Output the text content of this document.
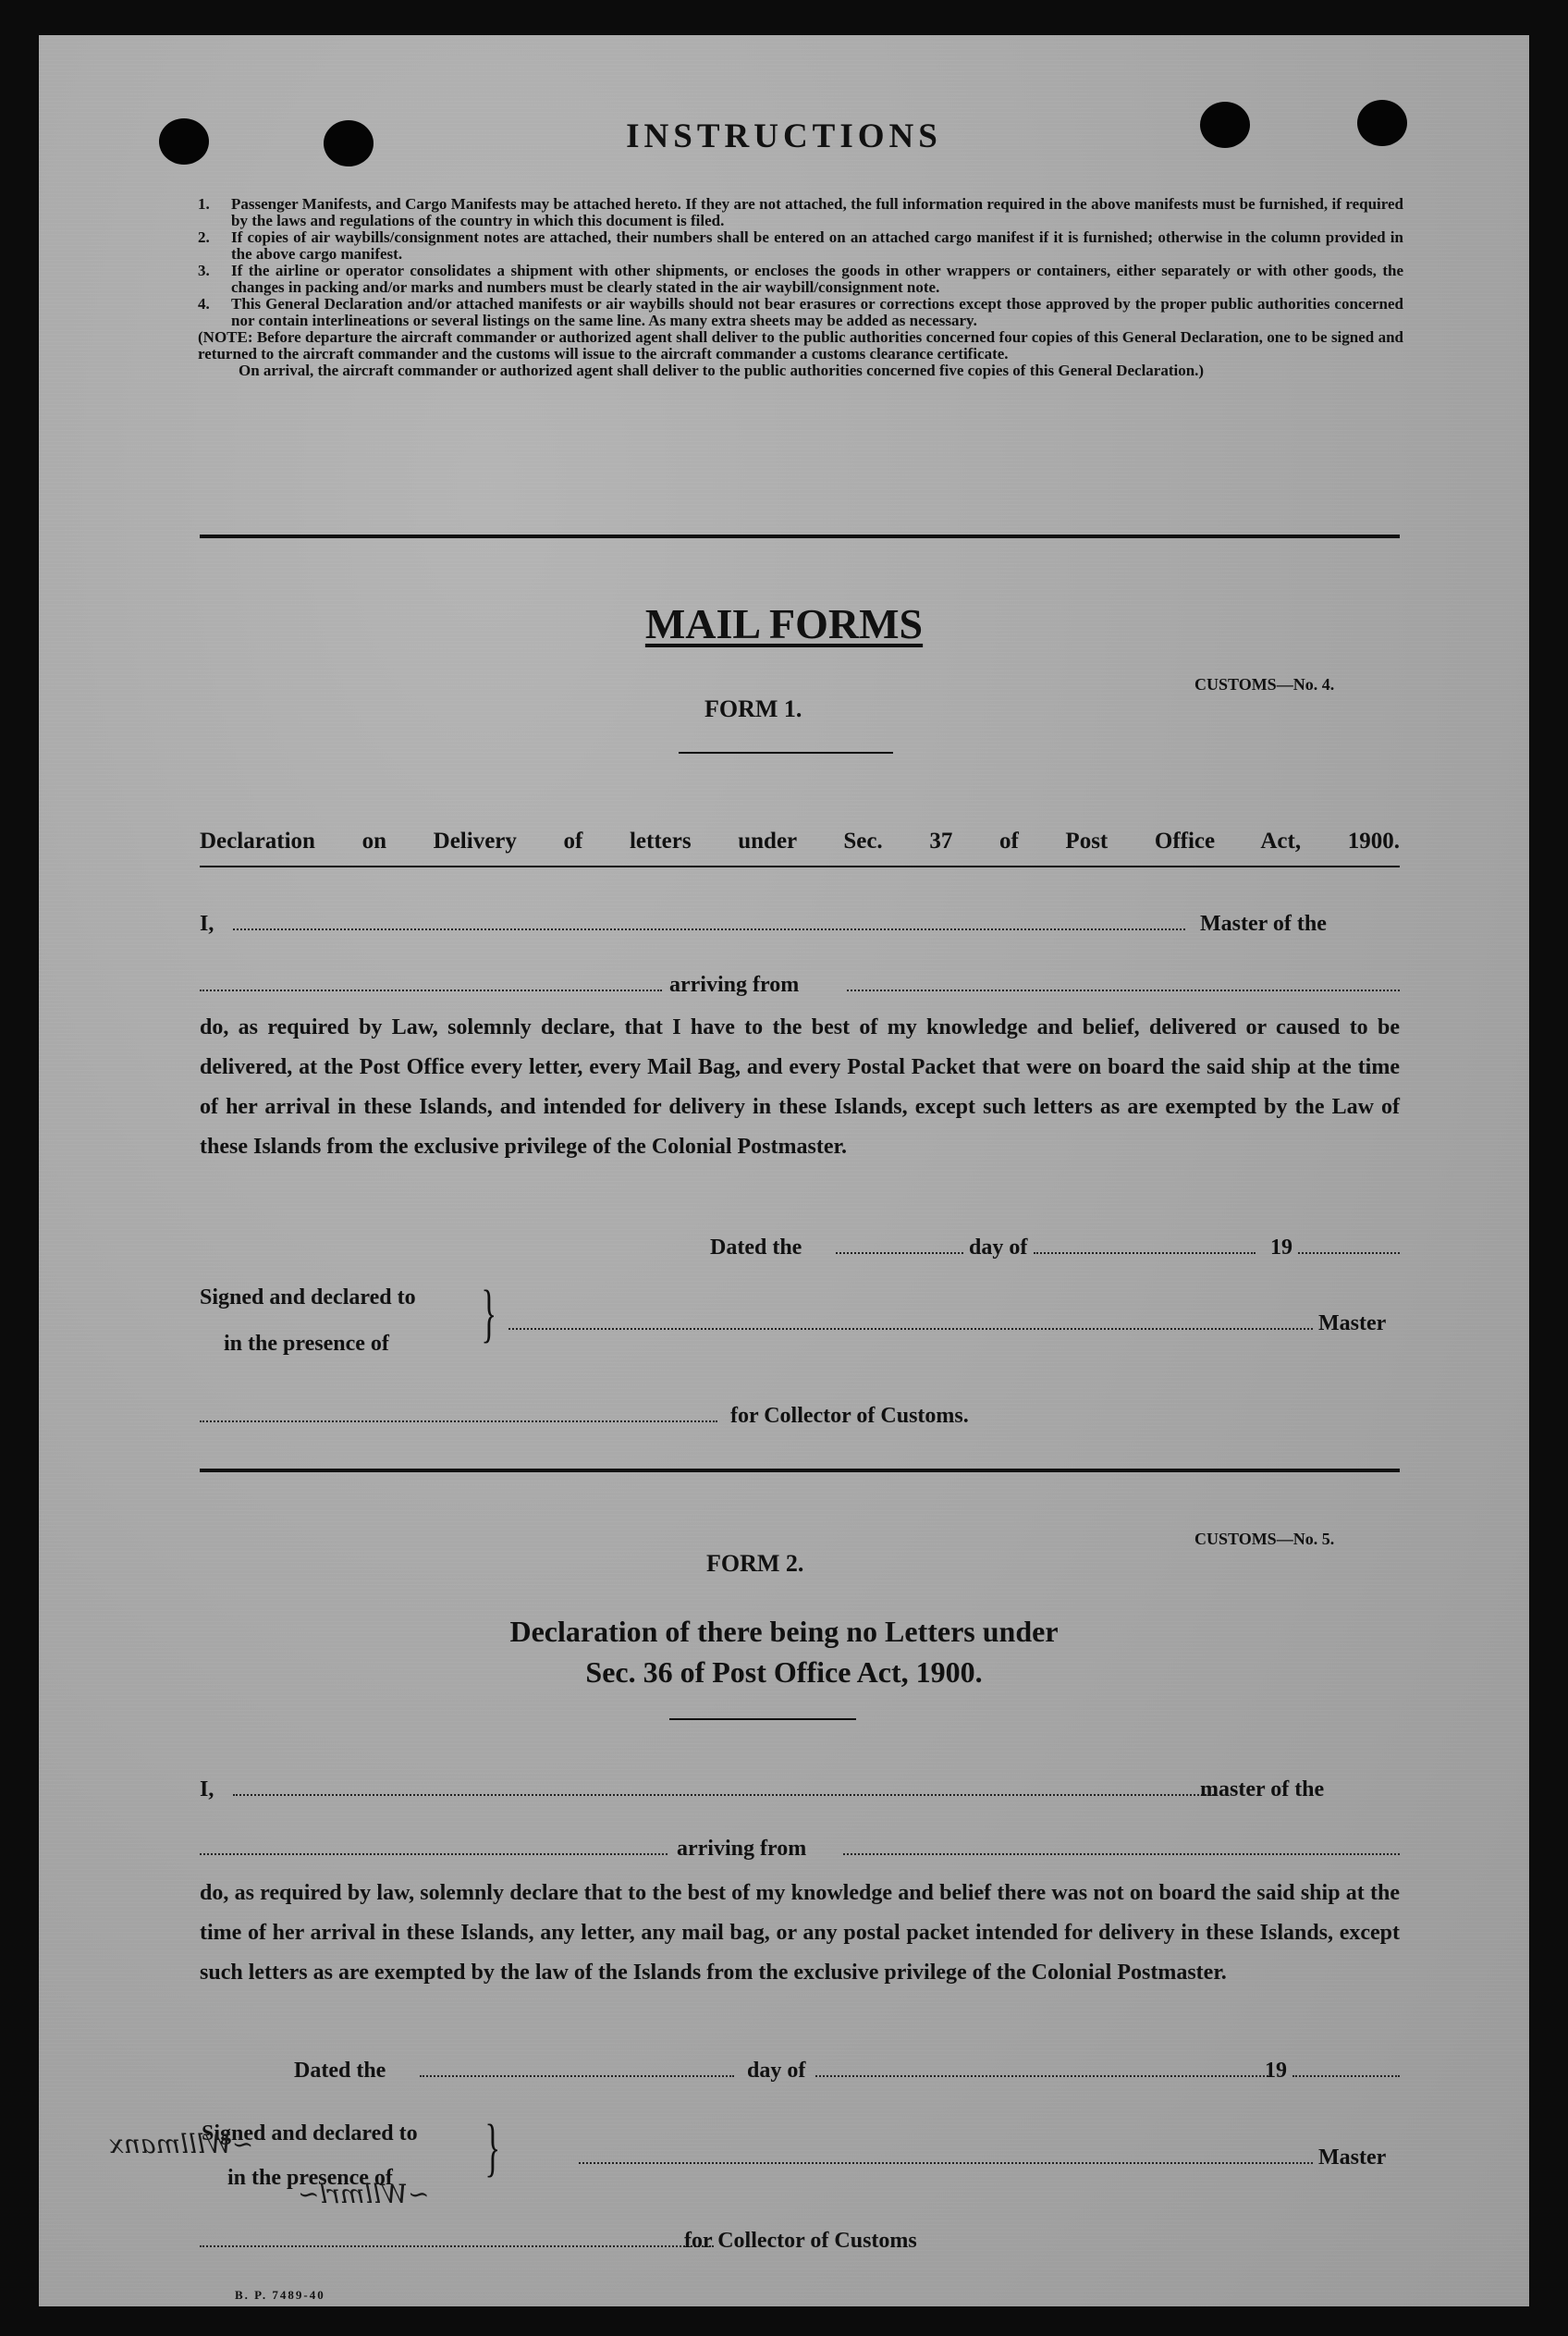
INSTRUCTIONS
1. Passenger Manifests, and Cargo Manifests may be attached hereto. If they are not attached, the full information required in the above manifests must be furnished, if required by the laws and regulations of the country in which this document is filed.
2. If copies of air waybills/consignment notes are attached, their numbers shall be entered on an attached cargo manifest if it is furnished; otherwise in the column provided in the above cargo manifest.
3. If the airline or operator consolidates a shipment with other shipments, or encloses the goods in other wrappers or containers, either separately or with other goods, the changes in packing and/or marks and numbers must be clearly stated in the air waybill/consignment note.
4. This General Declaration and/or attached manifests or air waybills should not bear erasures or corrections except those approved by the proper public authorities concerned nor contain interlineations or several listings on the same line. As many extra sheets may be added as necessary.
(NOTE: Before departure the aircraft commander or authorized agent shall deliver to the public authorities concerned four copies of this General Declaration, one to be signed and returned to the aircraft commander and the customs will issue to the aircraft commander a customs clearance certificate.
On arrival, the aircraft commander or authorized agent shall deliver to the public authorities concerned five copies of this General Declaration.)
MAIL FORMS
CUSTOMS—No. 4.
FORM 1.
Declaration on Delivery of letters under Sec. 37 of Post Office Act, 1900.
I,	Master of the
arriving from
do, as required by Law, solemnly declare, that I have to the best of my knowledge and belief, delivered or caused to be delivered, at the Post Office every letter, every Mail Bag, and every Postal Packet that were on board the said ship at the time of her arrival in these Islands, and intended for delivery in these Islands, except such letters as are exempted by the Law of these Islands from the exclusive privilege of the Colonial Postmaster.
Dated the	day of	19
Signed and declared to
in the presence of }	Master
for Collector of Customs.
CUSTOMS—No. 5.
FORM 2.
Declaration of there being no Letters under
Sec. 36 of Post Office Act, 1900.
I,	master of the
arriving from
do, as required by law, solemnly declare that to the best of my knowledge and belief there was not on board the said ship at the time of her arrival in these Islands, any letter, any mail bag, or any postal packet intended for delivery in these Islands, except such letters as are exempted by the law of the Islands from the exclusive privilege of the Colonial Postmaster.
Dated the	day of	19
Signed and declared to
in the presence of }	Master
for Collector of Customs
B. P. 7489-40
~Wlllmanx
~Wllmrl~
